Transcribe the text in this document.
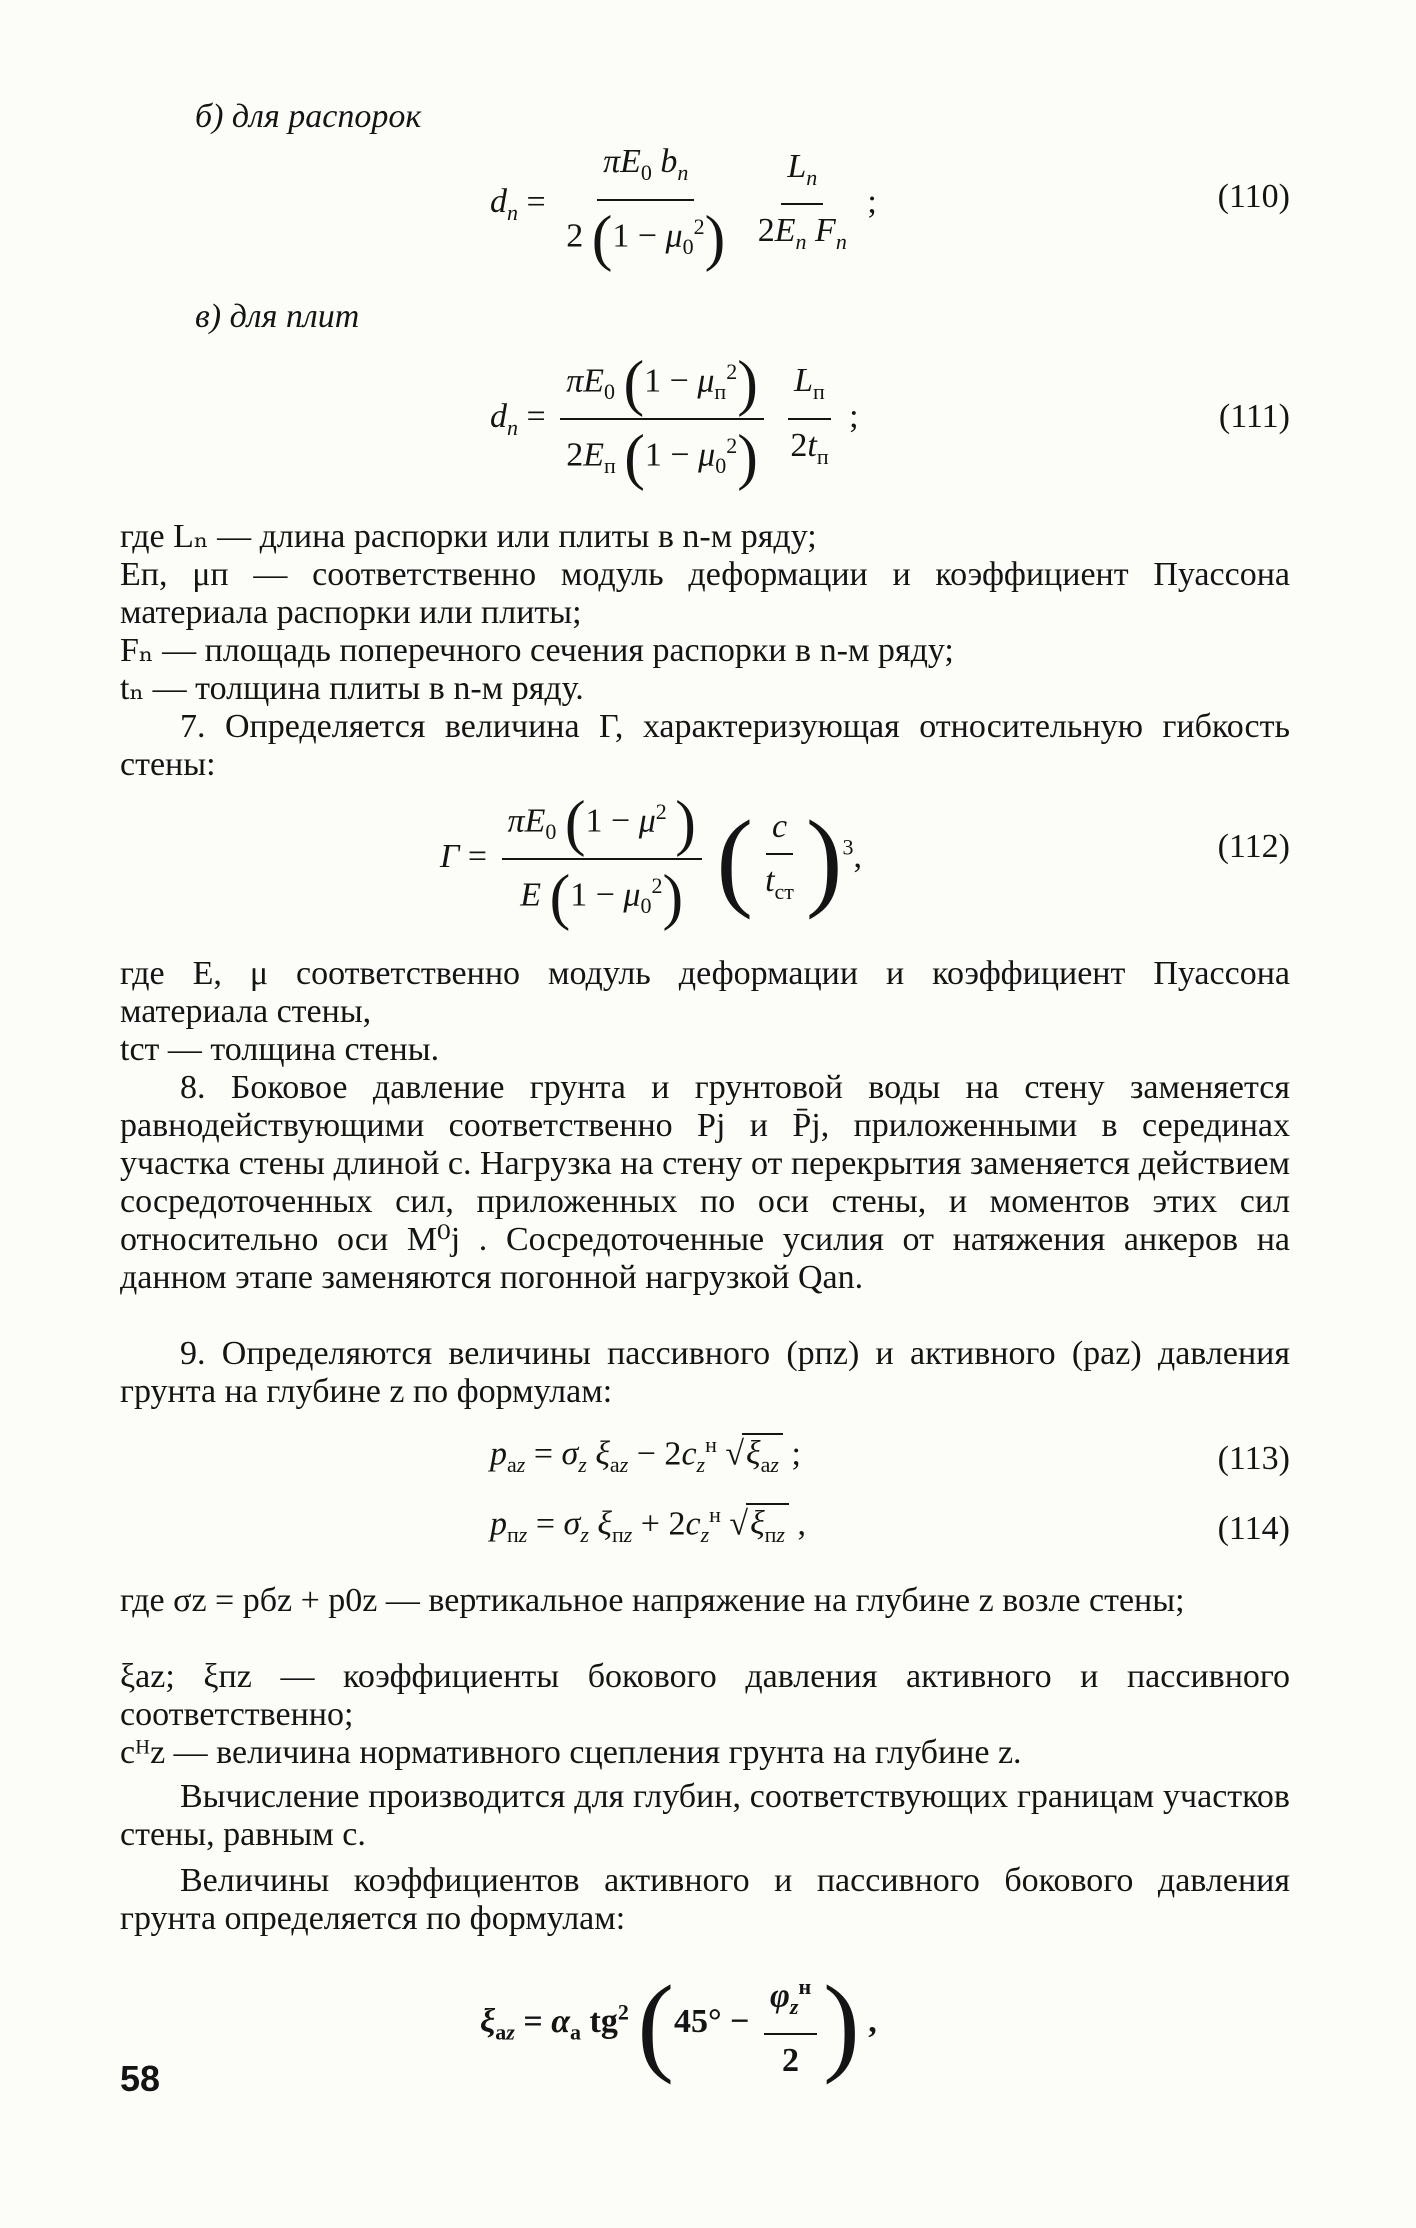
б) для распорок
$d_n = \frac{\pi E_0 b_n}{2 (1 - \mu_0^2)}$
$\frac{L_n}{2E_n F_n}$ ;	(110)
в) для плит
$d_n = \frac{\pi E_0 (1 - \mu_п^2)}{2E_п (1 - \mu_0^2)}$
$\frac{L_п}{2t_п}$ ;	(111)
где Lₙ — длина распорки или плиты в n-м ряду;
Eп, μп — соответственно модуль деформации и коэффициент Пуассона материала распорки или плиты;
Fₙ — площадь поперечного сечения распорки в n-м ряду;
tₙ — толщина плиты в n-м ряду.
7. Определяется величина Г, характеризующая относительную гибкость стены:
$Г = \frac{\pi E_0 (1 - \mu^2 )}{E (1 - \mu_0^2)}$ ( $\frac{c}{t_{ст}} )^3$,	(112)
где E, μ соответственно модуль деформации и коэффициент Пуассона материала стены,
tст — толщина стены.
8. Боковое давление грунта и грунтовой воды на стену заменяется равнодействующими соответственно Pj и P̄j, приложенными в серединах участка стены длиной c. Нагрузка на стену от перекрытия заменяется действием сосредоточенных сил, приложенных по оси стены, и моментов этих сил относительно оси M⁰j . Сосредоточенные усилия от натяжения анкеров на данном этапе заменяются погонной нагрузкой Qan.
9. Определяются величины пассивного (pпz) и активного (paz) давления грунта на глубине z по формулам:
$p_{az} = \sigma_z$ $\xi_{az} - 2c_z^н$ $√\xi_{az}$ ;	(113)
$p_{пz} = \sigma_z$ $\xi_{пz} + 2c_z^н$ $√\xi_{пz}$ ,	(114)
где σz = pбz + p0z — вертикальное напряжение на глубине z возле стены;
ξaz; ξпz — коэффициенты бокового давления активного и пассивного соответственно;
cᴴz — величина нормативного сцепления грунта на глубине z.
Вычисление производится для глубин, соответствующих границам участков стены, равным c.
Величины коэффициентов активного и пассивного бокового давления грунта определяется по формулам:
$\xi_{az} = \alpha_a$ $tg^2$ ($45^\circ - \frac{\varphi_z^н}{2}$ ) ,
58
